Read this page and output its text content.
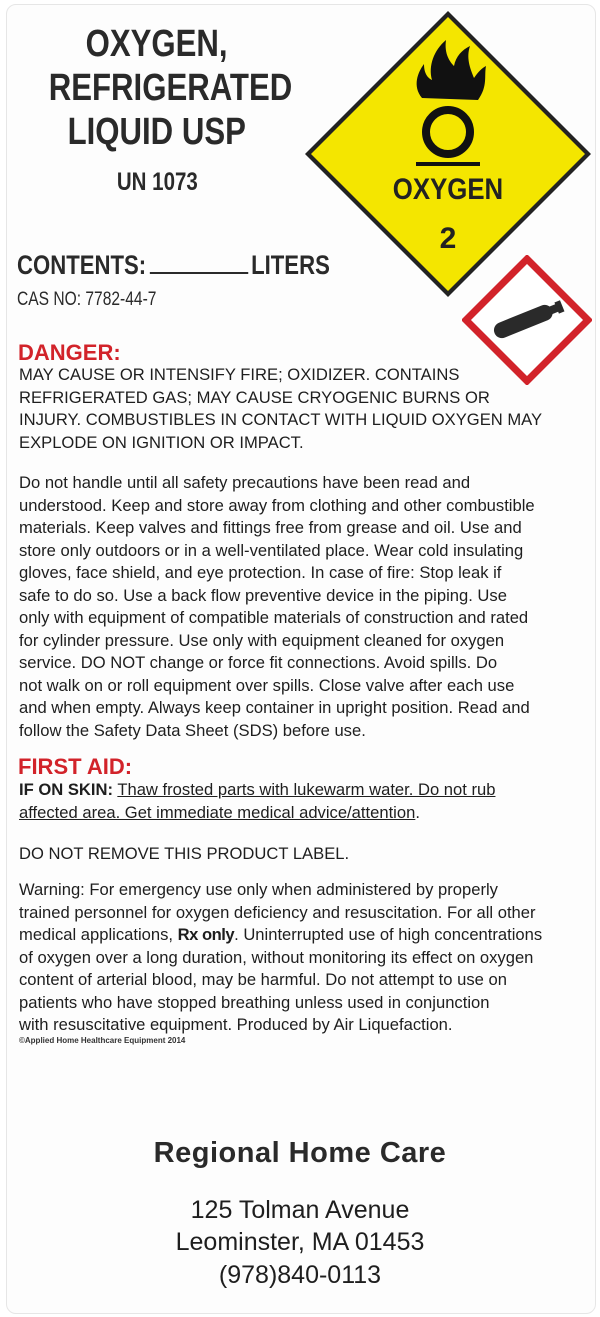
OXYGEN,
REFRIGERATED
LIQUID USP
UN 1073
CONTENTS:	LITERS
CAS NO: 7782-44-7
OXYGEN
2
DANGER:
MAY CAUSE OR INTENSIFY FIRE; OXIDIZER. CONTAINS
REFRIGERATED GAS; MAY CAUSE CRYOGENIC BURNS OR
INJURY. COMBUSTIBLES IN CONTACT WITH LIQUID OXYGEN MAY
EXPLODE ON IGNITION OR IMPACT.
Do not handle until all safety precautions have been read and
understood. Keep and store away from clothing and other combustible
materials. Keep valves and fittings free from grease and oil. Use and
store only outdoors or in a well-ventilated place. Wear cold insulating
gloves, face shield, and eye protection. In case of fire: Stop leak if
safe to do so. Use a back flow preventive device in the piping. Use
only with equipment of compatible materials of construction and rated
for cylinder pressure. Use only with equipment cleaned for oxygen
service. DO NOT change or force fit connections. Avoid spills. Do
not walk on or roll equipment over spills. Close valve after each use
and when empty. Always keep container in upright position. Read and
follow the Safety Data Sheet (SDS) before use.
FIRST AID:
IF ON SKIN: Thaw frosted parts with lukewarm water. Do not rub
affected area. Get immediate medical advice/attention.
DO NOT REMOVE THIS PRODUCT LABEL.
Warning: For emergency use only when administered by properly
trained personnel for oxygen deficiency and resuscitation. For all other
medical applications, Rx only. Uninterrupted use of high concentrations
of oxygen over a long duration, without monitoring its effect on oxygen
content of arterial blood, may be harmful. Do not attempt to use on
patients who have stopped breathing unless used in conjunction
with resuscitative equipment. Produced by Air Liquefaction.
©Applied Home Healthcare Equipment 2014
Regional Home Care
125 Tolman Avenue
Leominster, MA 01453
(978)840-0113
